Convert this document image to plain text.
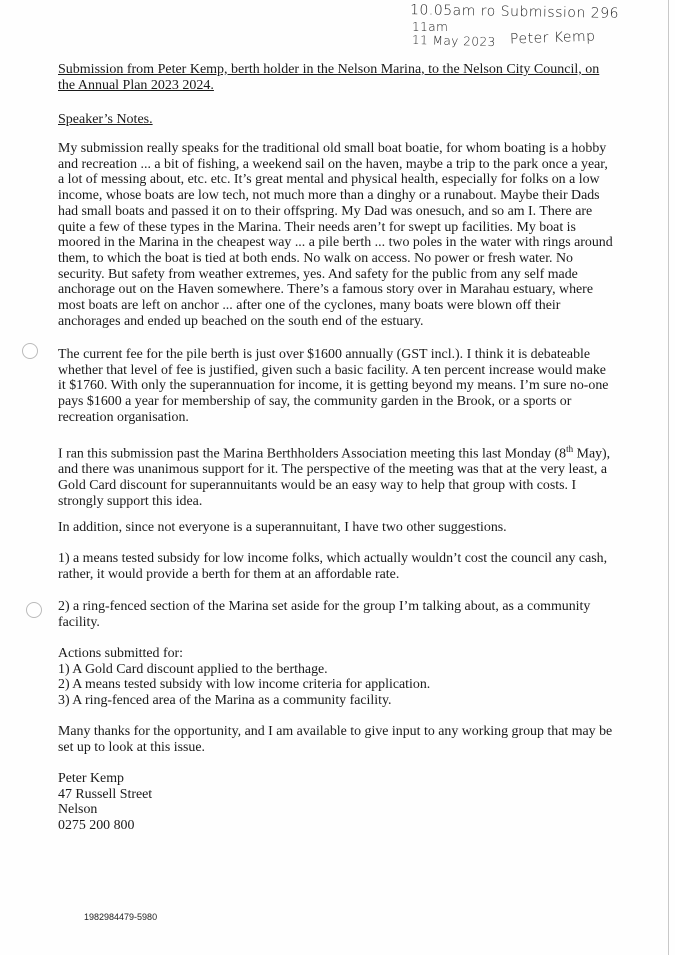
10.05am ro Submission 296
11am
11 May 2023 Peter Kemp
Submission from Peter Kemp, berth holder in the Nelson Marina, to the Nelson City Council, on the Annual Plan 2023 2024.
Speaker’s Notes.

My submission really speaks for the traditional old small boat boatie, for whom boating is a hobby and recreation ... a bit of fishing, a weekend sail on the haven, maybe a trip to the park once a year, a lot of messing about, etc. etc. It’s great mental and physical health, especially for folks on a low income, whose boats are low tech, not much more than a dinghy or a runabout. Maybe their Dads had small boats and passed it on to their offspring. My Dad was onesuch, and so am I. There are quite a few of these types in the Marina. Their needs aren’t for swept up facilities. My boat is moored in the Marina in the cheapest way ... a pile berth ... two poles in the water with rings around them, to which the boat is tied at both ends. No walk on access. No power or fresh water. No security. But safety from weather extremes, yes. And safety for the public from any self made anchorage out on the Haven somewhere. There’s a famous story over in Marahau estuary, where most boats are left on anchor ... after one of the cyclones, many boats were blown off their anchorages and ended up beached on the south end of the estuary.

The current fee for the pile berth is just over $1600 annually (GST incl.). I think it is debateable whether that level of fee is justified, given such a basic facility. A ten percent increase would make it $1760. With only the superannuation for income, it is getting beyond my means. I’m sure no-one pays $1600 a year for membership of say, the community garden in the Brook, or a sports or recreation organisation.

I ran this submission past the Marina Berthholders Association meeting this last Monday (8th May), and there was unanimous support for it. The perspective of the meeting was that at the very least, a Gold Card discount for superannuitants would be an easy way to help that group with costs. I strongly support this idea.

In addition, since not everyone is a superannuitant, I have two other suggestions.

1) a means tested subsidy for low income folks, which actually wouldn’t cost the council any cash, rather, it would provide a berth for them at an affordable rate.

2) a ring-fenced section of the Marina set aside for the group I’m talking about, as a community facility.

Actions submitted for:
1) A Gold Card discount applied to the berthage.
2) A means tested subsidy with low income criteria for application.
3) A ring-fenced area of the Marina as a community facility.

Many thanks for the opportunity, and I am available to give input to any working group that may be set up to look at this issue.

Peter Kemp
47 Russell Street
Nelson
0275 200 800
1982984479-5980
